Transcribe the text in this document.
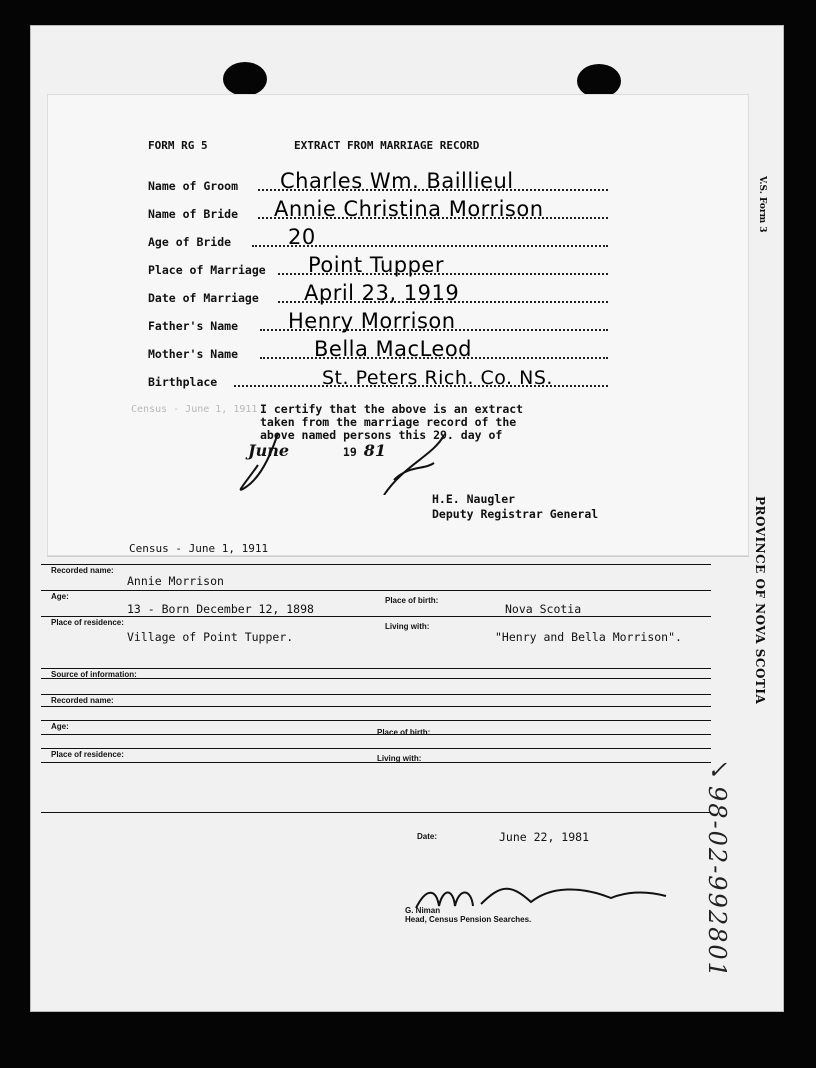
V.S. Form 3
PROVINCE OF NOVA SCOTIA
✓98-02-992801
FORM RG 5	EXTRACT FROM MARRIAGE RECORD
Name of Groom Charles Wm. Baillieul
Name of Bride Annie Christina Morrison
Age of Bride	20
Place of Marriage Point Tupper
Date of Marriage April 23, 1919
Father's Name Henry Morrison
Mother's Name	Bella MacLeod
Birthplace	St. Peters Rich. Co. NS.
I certify that the above is an extract
taken from the marriage record of the
above named persons this 29. day of
June	19 81
H.E. Naugler
Deputy Registrar General
Census - June 1, 1911
Census - June 1, 1911
Recorded name:
Annie Morrison
Age:	Place of birth:
13 - Born December 12, 1898	Nova Scotia
Place of residence:	Living with:
Village of Point Tupper.	"Henry and Bella Morrison".
Source of information:
Recorded name:
Age:
Place of birth:
Place of residence:	Living with:
Date:	June 22, 1981
G. Niman
Head, Census Pension Searches.
